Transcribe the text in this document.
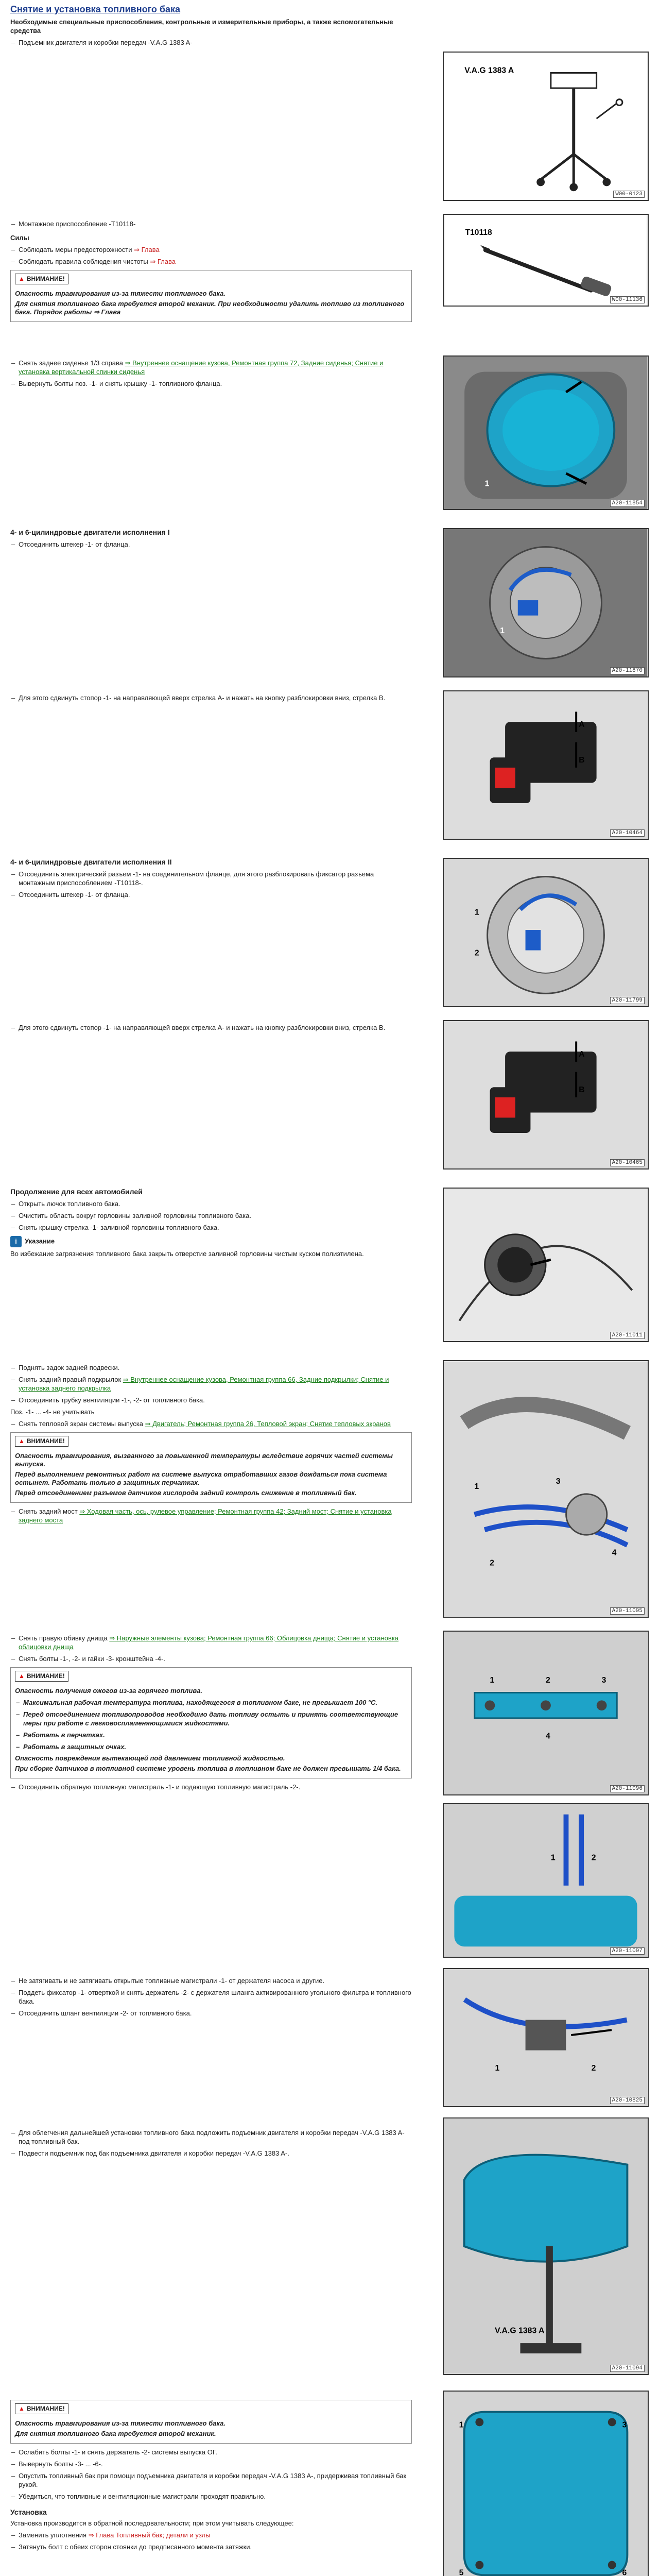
Снятие и установка топливного бака
Необходимые специальные приспособления, контрольные и измерительные приборы, а также вспомогательные средства
– Подъемник двигателя и коробки передач -V.A.G 1383 A-
V.A.G 1383 A
W00-0123
– Монтажное приспособление -T10118-
Силы
– Соблюдать меры предосторожности ⇒ Глава
– Соблюдать правила соблюдения чистоты ⇒ Глава
▲ ВНИМАНИЕ!

Опасность травмирования из-за тяжести топливного бака.

Для снятия топливного бака требуется второй механик. При необходимости удалить топливо из топливного бака. Порядок работы ⇒ Глава

T10118
W00-11136
– Снять заднее сиденье 1/3 справа ⇒ Внутреннее оснащение кузова, Ремонтная группа 72, Задние сиденья; Снятие и установка вертикальной спинки сиденья
– Вывернуть болты поз. -1- и снять крышку -1- топливного фланца.
1
A20-11854
4- и 6-цилиндровые двигатели исполнения I
– Отсоединить штекер -1- от фланца.
1
A20-11870
– Для этого сдвинуть стопор -1- на направляющей вверх стрелка A- и нажать на кнопку разблокировки вниз, стрелка B.
A
B
A20-10464
4- и 6-цилиндровые двигатели исполнения II
– Отсоединить электрический разъем -1- на соединительном фланце, для этого разблокировать фиксатор разъема монтажным приспособлением -T10118-.
– Отсоединить штекер -1- от фланца.
1
2
A20-11799
– Для этого сдвинуть стопор -1- на направляющей вверх стрелка A- и нажать на кнопку разблокировки вниз, стрелка B.
A
B
A20-10465
Продолжение для всех автомобилей
– Открыть лючок топливного бака.
– Очистить область вокруг горловины заливной горловины топливного бака.
– Снять крышку стрелка -1- заливной горловины топливного бака.
i Указание
Во избежание загрязнения топливного бака закрыть отверстие заливной горловины чистым куском полиэтилена.
A20-11011
– Поднять задок задней подвески.
– Снять задний правый подкрылок ⇒ Внутреннее оснащение кузова, Ремонтная группа 66, Задние подкрылки; Снятие и установка заднего подкрылка
– Отсоединить трубку вентиляции -1-, -2- от топливного бака.
Поз. -1- ... -4- не учитывать
– Снять тепловой экран системы выпуска ⇒ Двигатель; Ремонтная группа 26, Тепловой экран; Снятие тепловых экранов
▲ ВНИМАНИЕ!

Опасность травмирования, вызванного за повышенной температуры вследствие горячих частей системы выпуска.

Перед выполнением ремонтных работ на системе выпуска отработавших газов дождаться пока система остынет. Работать только в защитных перчатках.

Перед отсоединением разъемов датчиков кислорода задний контроль снижение в топливный бак.

– Снять задний мост ⇒ Ходовая часть, ось, рулевое управление; Ремонтная группа 42; Задний мост; Снятие и установка заднего моста
1
2
3
4
A20-11095
– Снять правую обивку днища ⇒ Наружные элементы кузова; Ремонтная группа 66; Облицовка днища; Снятие и установка облицовки днища
– Снять болты -1-, -2- и гайки -3- кронштейна -4-.
▲ ВНИМАНИЕ!

Опасность получения ожогов из-за горячего топлива.

– Максимальная рабочая температура топлива, находящегося в топливном баке, не превышает 100 °C.
– Перед отсоединением топливопроводов необходимо дать топливу остыть и принять соответствующие меры при работе с легковоспламеняющимися жидкостями.
– Работать в перчатках.
– Работать в защитных очках.

Опасность повреждения вытекающей под давлением топливной жидкостью.

При сборке датчиков в топливной системе уровень топлива в топливном баке не должен превышать 1/4 бака.

– Отсоединить обратную топливную магистраль -1- и подающую топливную магистраль -2-.
1	2	3
4
A20-11096
1	2
A20-11097
– Не затягивать и не затягивать открытые топливные магистрали -1- от держателя насоса и другие.
– Поддеть фиксатор -1- отверткой и снять держатель -2- с держателя шланга активированного угольного фильтра и топливного бака.
– Отсоединить шланг вентиляции -2- от топливного бака.
1	2
A20-10825
– Для облегчения дальнейшей установки топливного бака подложить подъемник двигателя и коробки передач -V.A.G 1383 A- под топливный бак.
– Подвести подъемник под бак подъемника двигателя и коробки передач -V.A.G 1383 A-.
V.A.G 1383 A
A20-11094
▲ ВНИМАНИЕ!

Опасность травмирования из-за тяжести топливного бака.

Для снятия топливного бака требуется второй механик.

– Ослабить болты -1- и снять держатель -2- системы выпуска ОГ.
– Вывернуть болты -3- ... -6-.
– Опустить топливный бак при помощи подъемника двигателя и коробки передач -V.A.G 1383 A-, придерживая топливный бак рукой.
– Убедиться, что топливные и вентиляционные магистрали проходят правильно.
Установка
Установка производится в обратной последовательности; при этом учитывать следующее:
– Заменить уплотнения ⇒ Глава Топливный бак; детали и узлы
– Затянуть болт с обеих сторон стоянки до предписанного момента затяжки.
1	3
5	6
